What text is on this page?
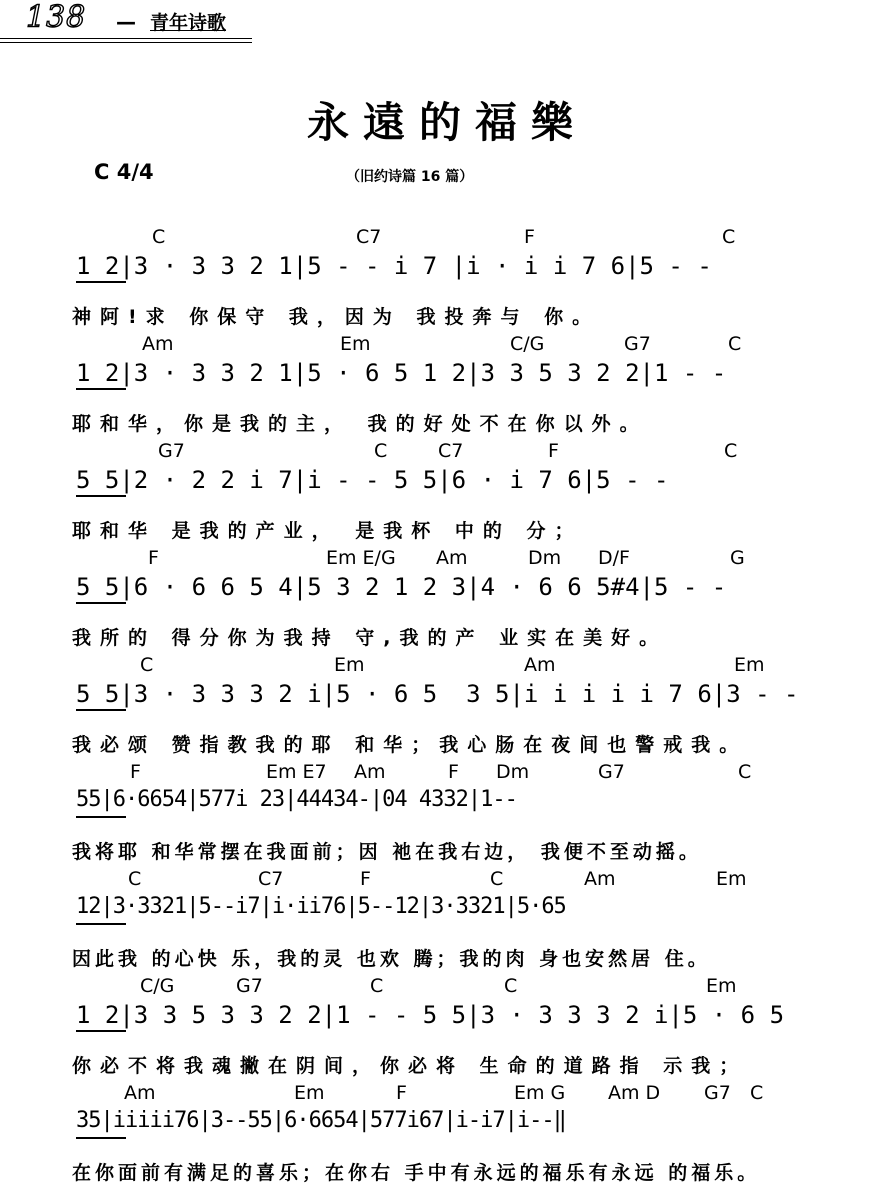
138 — 青年诗歌
永遠的福樂
C 4/4	（旧约诗篇 16 篇）
C	C7	F	C
1 2|3 · 3 3 2 1|5 - - i 7 |i · i i 7 6|5 - -
神阿!求 你保守 我，因为 我投奔与 你。
Am	Em	C/G	G7	C
1 2|3 · 3 3 2 1|5 · 6 5 1 2|3 3 5 3 2 2|1 - -
耶和华，你是我的主， 我的好处不在你以外。
G7	C	C7	F	C
5 5|2 · 2 2 i 7|i - - 5 5|6 · i 7 6|5 - -
耶和华 是我的产业， 是我杯 中的 分；
F	Em E/G Am	Dm D/F	G
5 5|6 · 6 6 5 4|5 3 2 1 2 3|4 · 6 6 5#4|5 - -
我所的 得分你为我持 守,我的产 业实在美好。
C	Em	Am	Em
5 5|3 · 3 3 3 2 i|5 · 6 5  3 5|i i i i i 7 6|3 - -
我必颂 赞指教我的耶 和华；我心肠在夜间也警戒我。
F	Em E7 Am	F Dm	G7	C
55|6·6654|577i 23|44434-|04 4332|1--
我将耶 和华常摆在我面前；因 祂在我右边， 我便不至动摇。
C	C7	F	C	Am	Em
12|3·3321|5--i7|i·ii76|5--12|3·3321|5·65
因此我 的心快 乐，我的灵 也欢 腾；我的肉 身也安然居 住。
C/G	G7	C	C	Em
1 2|3 3 5 3 3 2 2|1 - - 5 5|3 · 3 3 3 2 i|5 · 6 5
你必不将我魂撇在阴间，你必将 生命的道路指 示我；
Am	Em	F	Em G Am D G7 C
35|iiiii76|3--55|6·6654|577i67|i-i7|i--‖
在你面前有满足的喜乐；在你右 手中有永远的福乐有永远 的福乐。
